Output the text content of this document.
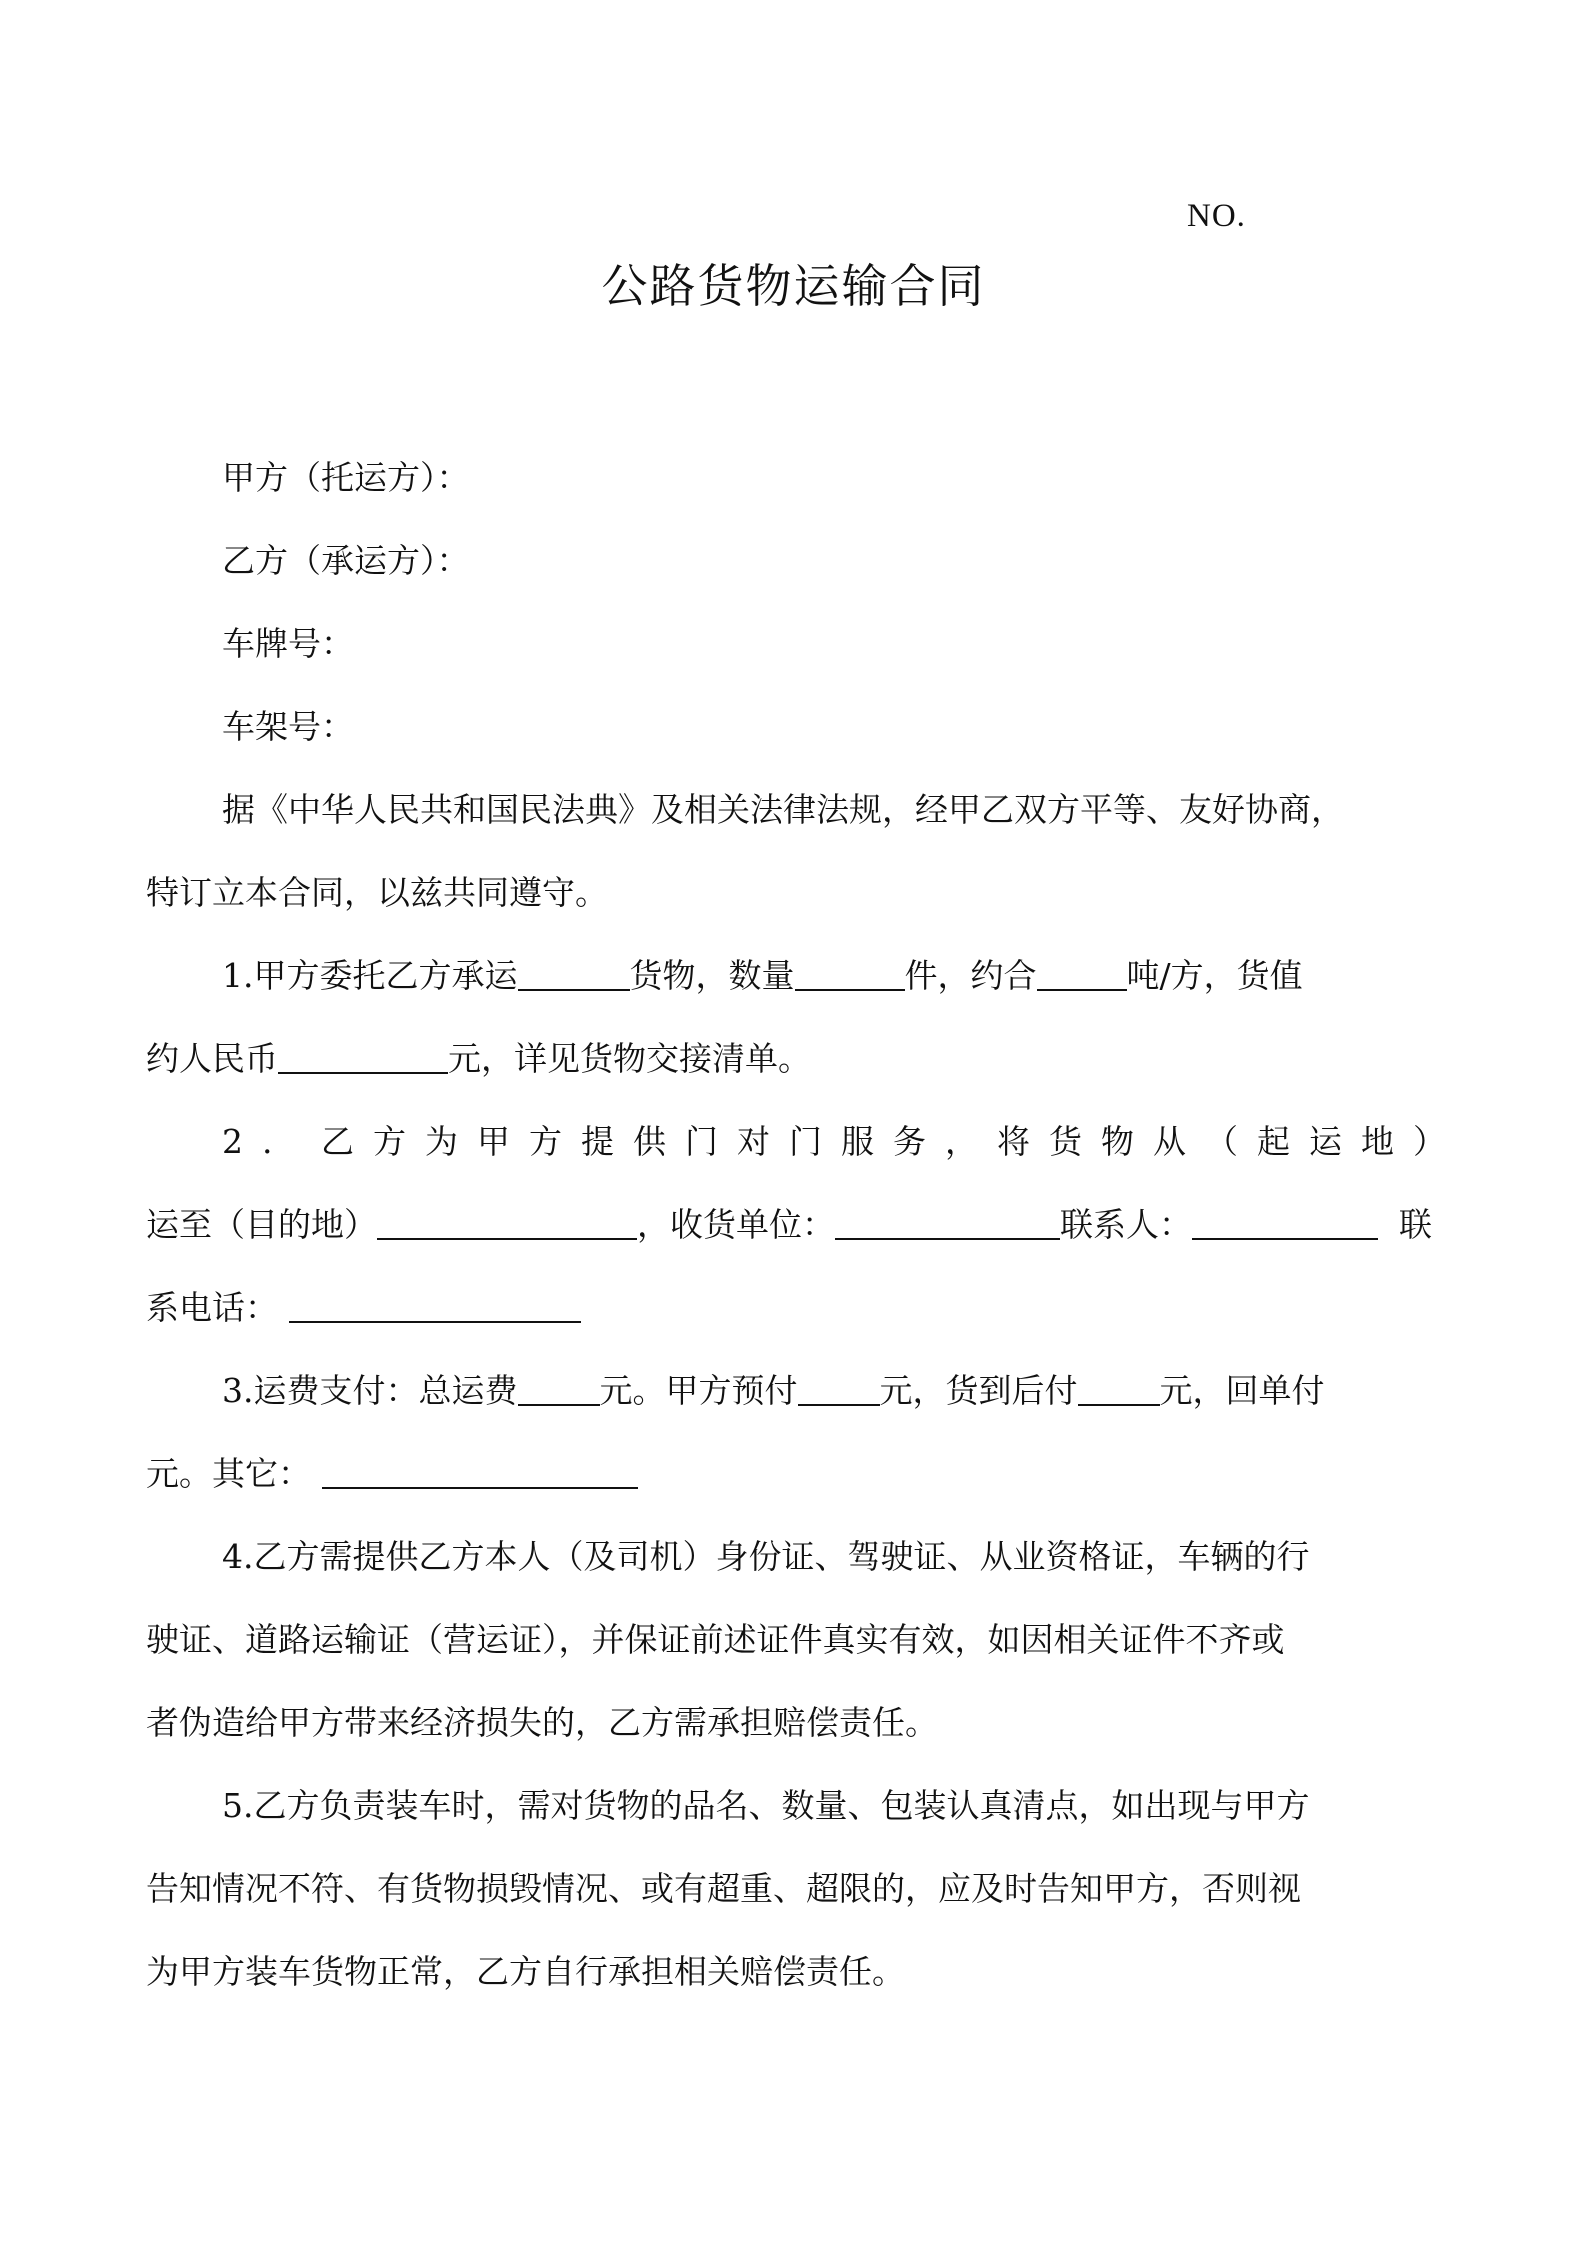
NO.
公路货物运输合同
甲方（托运方）：
乙方（承运方）：
车牌号：
车架号：
据《中华人民共和国民法典》及相关法律法规，经甲乙双方平等、友好协商，
特订立本合同，以兹共同遵守。
1.甲方委托乙方承运	货物，数量	件，约合	吨/方，货值
约人民币	元，详见货物交接清单。
2. 乙方为甲方提供门对门服务，将货物从（起运地）
运至（目的地）	，收货单位：	联系人：	联
系电话：
3.运费支付：总运费 元。甲方预付 元，货到后付 元，回单付
元。其它：
4.乙方需提供乙方本人（及司机）身份证、驾驶证、从业资格证，车辆的行
驶证、道路运输证（营运证），并保证前述证件真实有效，如因相关证件不齐或
者伪造给甲方带来经济损失的，乙方需承担赔偿责任。
5.乙方负责装车时，需对货物的品名、数量、包装认真清点，如出现与甲方
告知情况不符、有货物损毁情况、或有超重、超限的，应及时告知甲方，否则视
为甲方装车货物正常，乙方自行承担相关赔偿责任。
